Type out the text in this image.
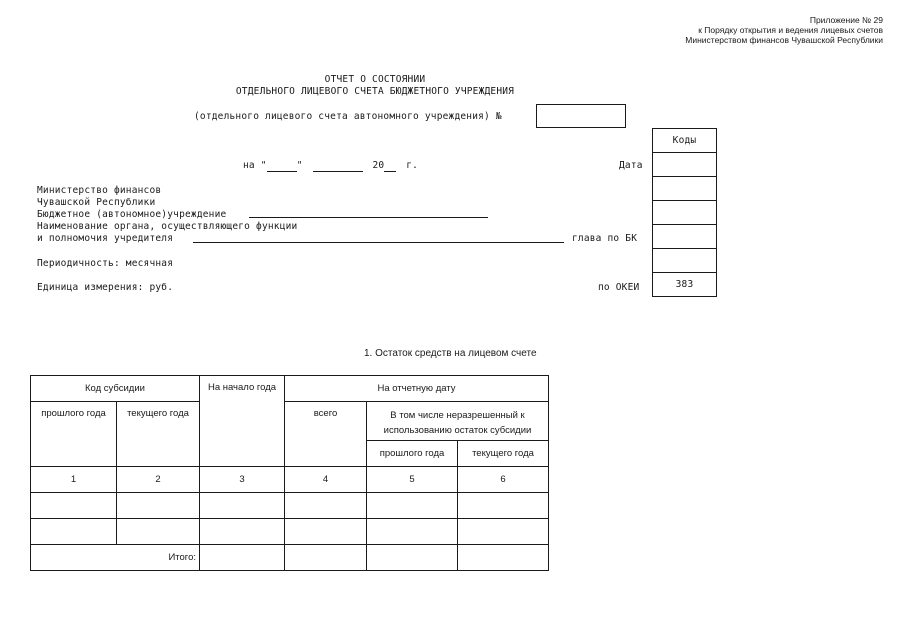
Приложение № 29
к Порядку открытия и ведения лицевых счетов
Министерством финансов Чувашской Республики
ОТЧЕТ О СОСТОЯНИИ
ОТДЕЛЬНОГО ЛИЦЕВОГО СЧЕТА БЮДЖЕТНОГО УЧРЕЖДЕНИЯ
(отдельного лицевого счета автономного учреждения) №
Коды
383
на "	"	20 г.	Дата
Министерство финансов
Чувашской Республики
Бюджетное (автономное)учреждение
Наименование органа, осуществляющего функции
и полномочия учредителя	глава по БК
Периодичность: месячная
Единица измерения: руб.	по ОКЕИ
1. Остаток средств на лицевом счете
Код субсидии		На начало года	На отчетную дату		
прошлого года	текущего года		всего	В том числе неразрешенный к использованию остаток субсидии	
				прошлого года	текущего года
1	2	3	4	5	6

Итого:					
